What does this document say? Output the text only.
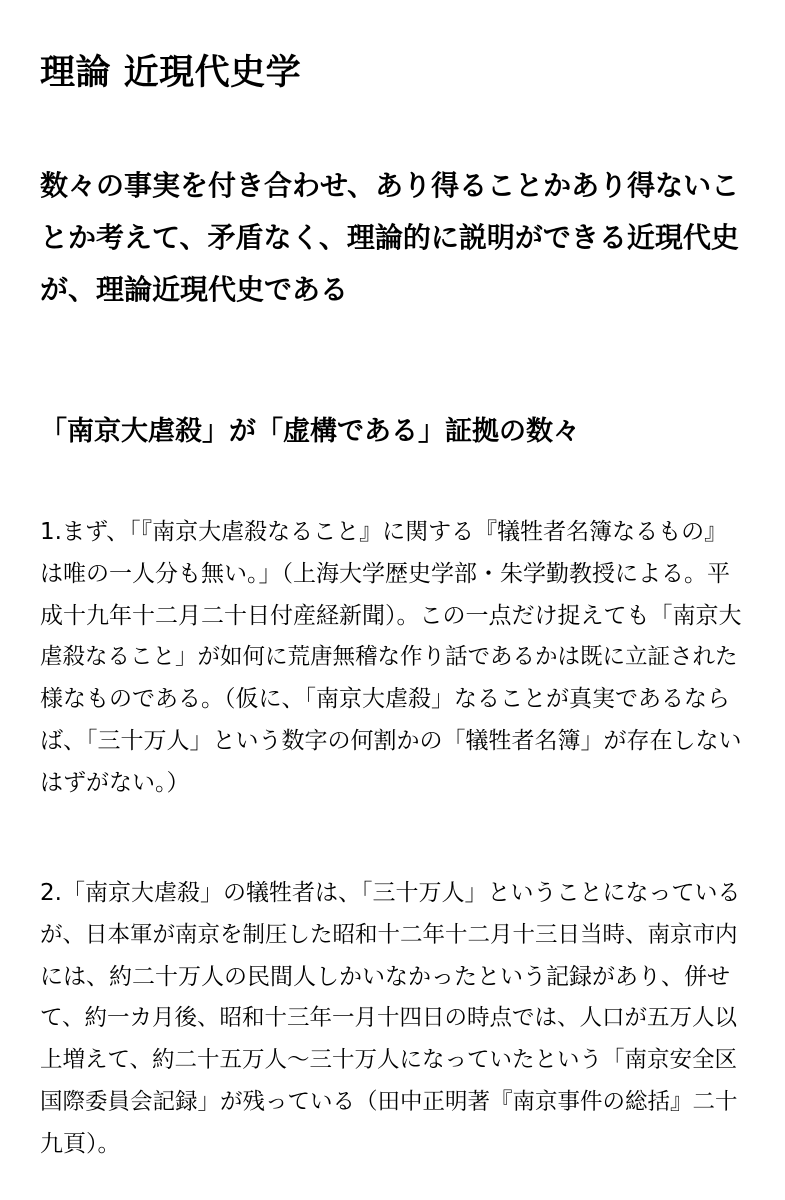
理論 近現代史学
数々の事実を付き合わせ、あり得ることかあり得ないこ
とか考えて、矛盾なく、理論的に説明ができる近現代史
が、理論近現代史である
「南京大虐殺」が「虚構である」証拠の数々
1.まず、「『南京大虐殺なること』に関する『犠牲者名簿なるもの』
は唯の一人分も無い。」（上海大学歴史学部・朱学勤教授による。平
成十九年十二月二十日付産経新聞）。この一点だけ捉えても「南京大
虐殺なること」が如何に荒唐無稽な作り話であるかは既に立証された
様なものである。（仮に、「南京大虐殺」なることが真実であるなら
ば、「三十万人」という数字の何割かの「犠牲者名簿」が存在しない
はずがない。）
2.「南京大虐殺」の犠牲者は、「三十万人」ということになっている
が、日本軍が南京を制圧した昭和十二年十二月十三日当時、南京市内
には、約二十万人の民間人しかいなかったという記録があり、併せ
て、約一カ月後、昭和十三年一月十四日の時点では、人口が五万人以
上増えて、約二十五万人〜三十万人になっていたという「南京安全区
国際委員会記録」が残っている（田中正明著『南京事件の総括』二十
九頁）。
